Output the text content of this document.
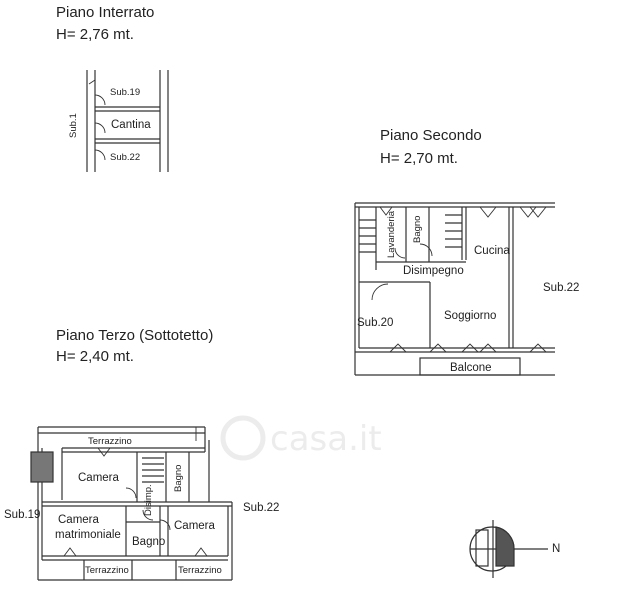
casa.it
Piano Interrato
H= 2,76 mt.
Sub.19
Cantina
Sub.22
Sub.1	Piano Secondo
H= 2,70 mt.
Lavanderia Bagno
Cucina
Disimpegno
Soggiorno
Sub.20
Sub.22
Balcone
Piano Terzo (Sottotetto)
H= 2,40 mt.
Terrazzino
Camera	Bagno
Disimp.
Sub.19 Camera
matrimoniale
Bagno
Camera
Sub.22
Terrazzino	Terrazzino
N
